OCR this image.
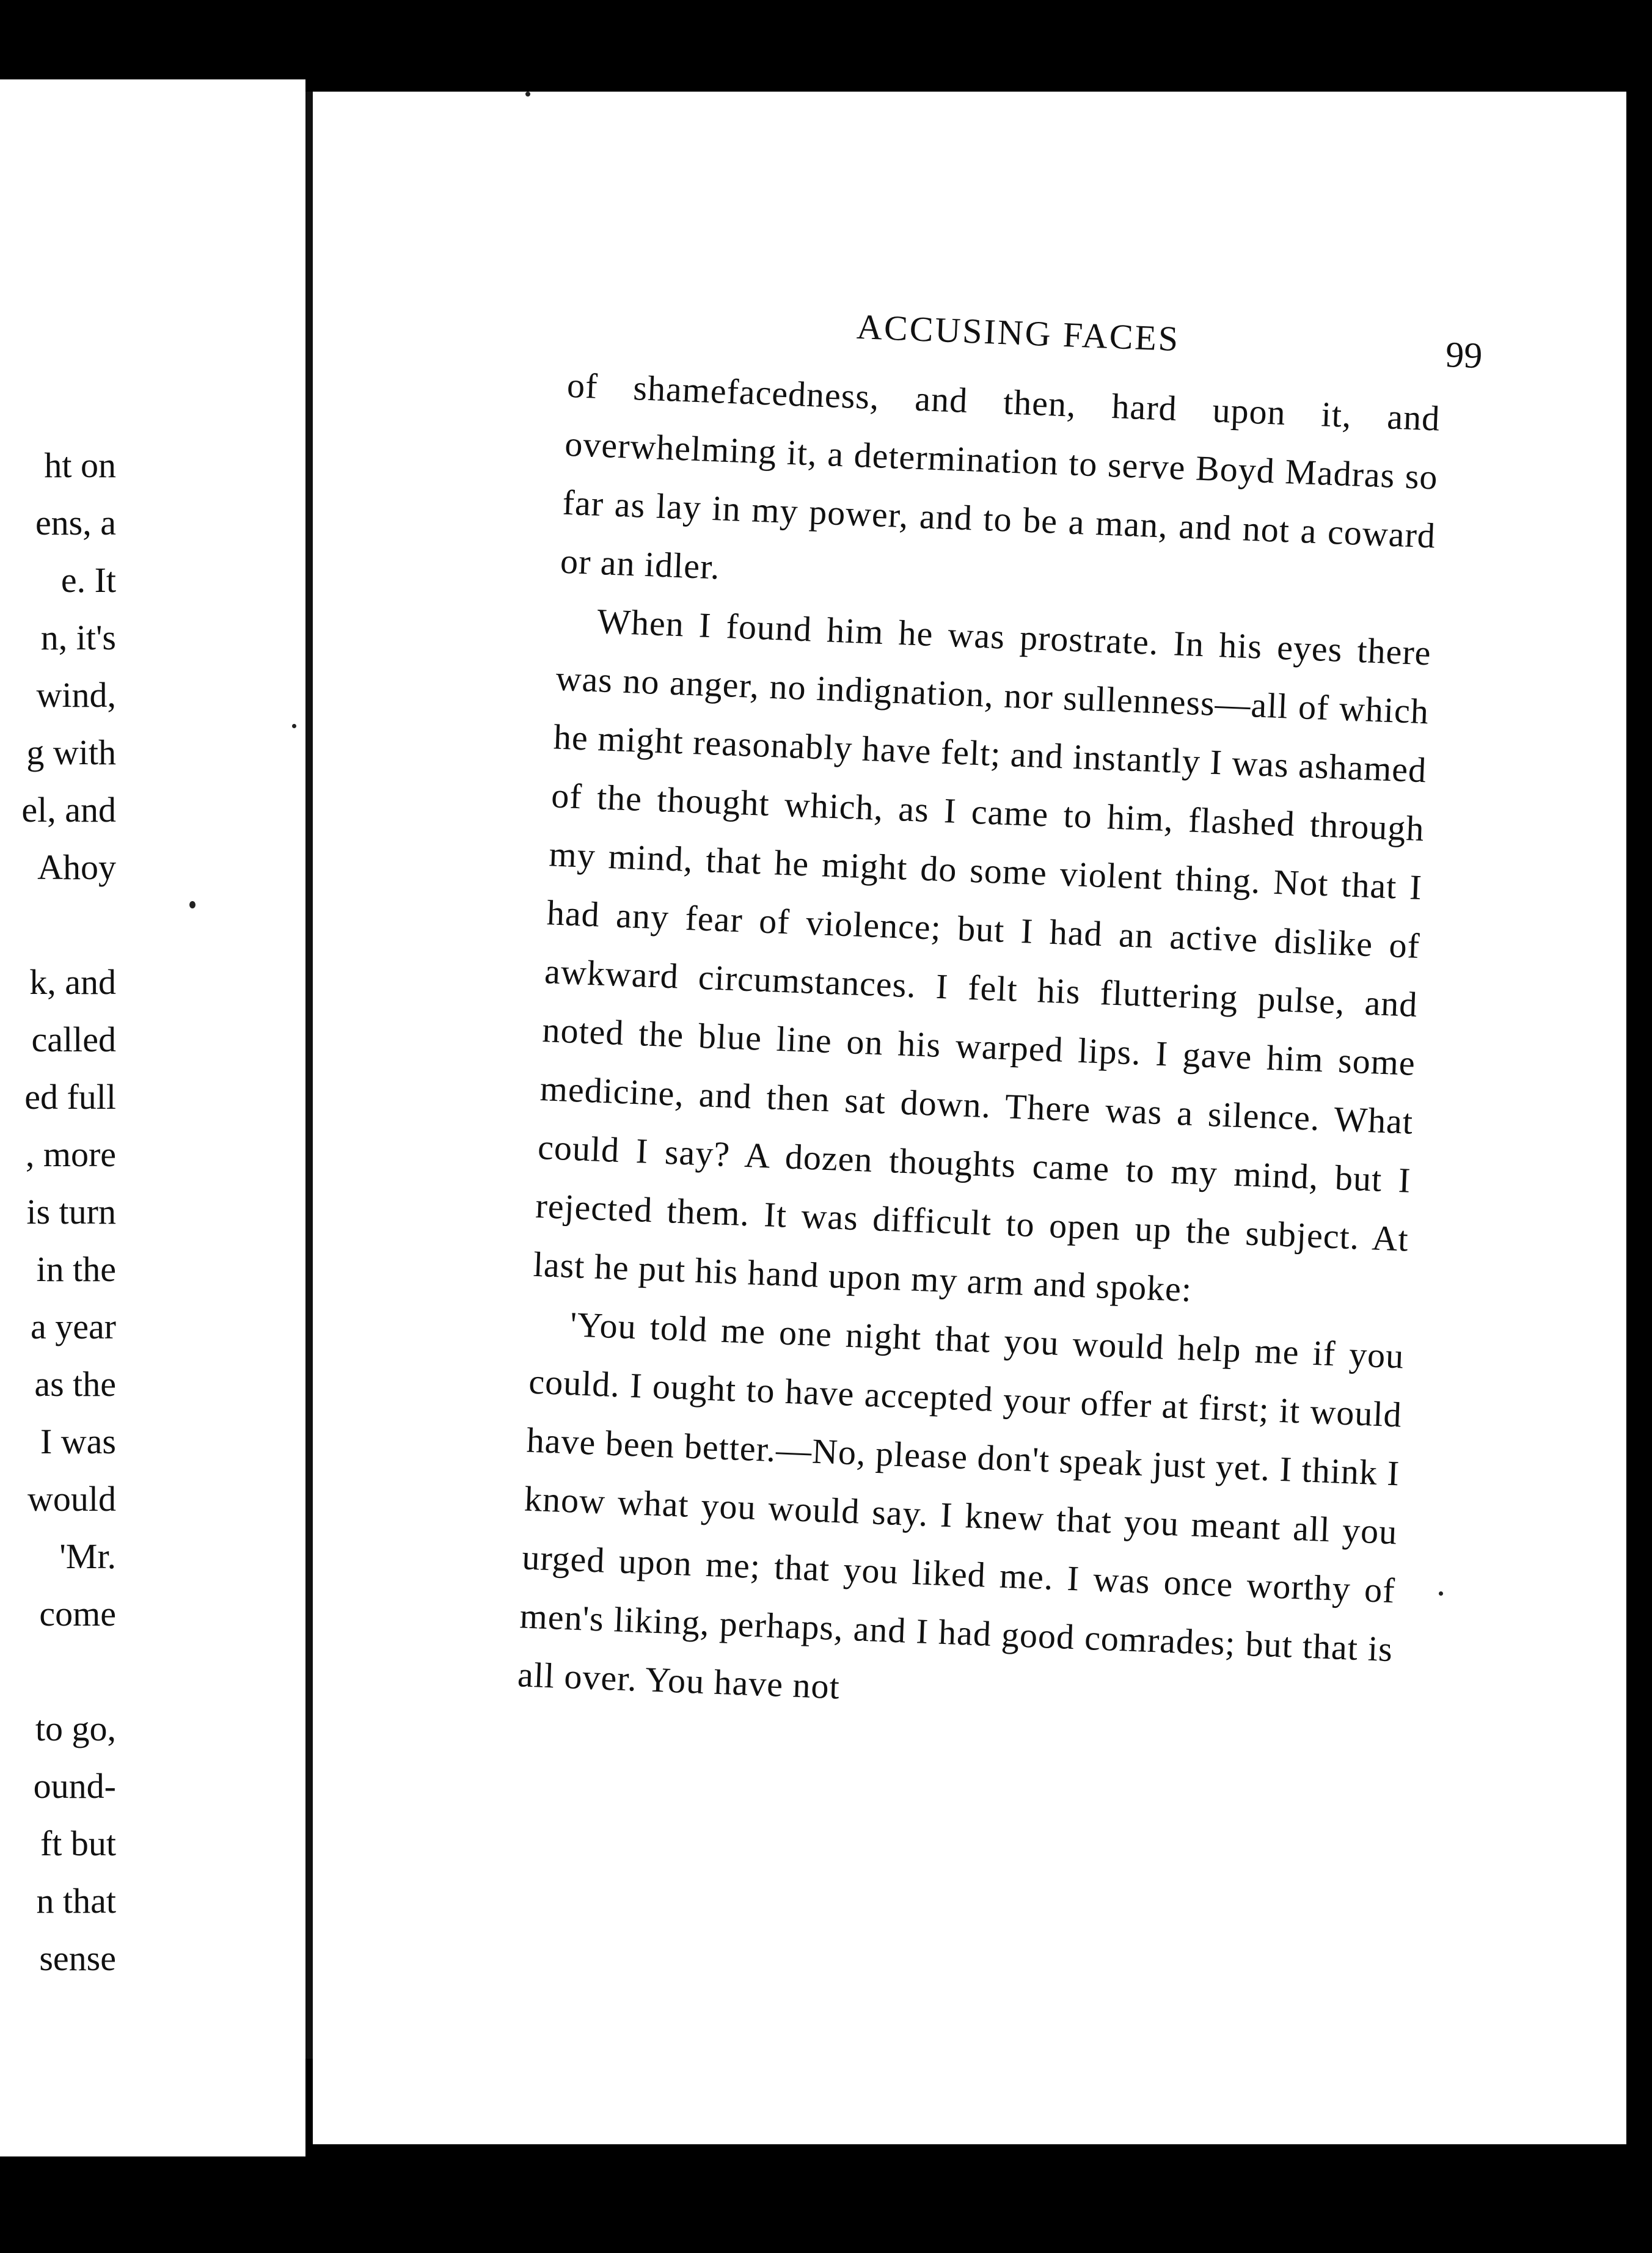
ht on
ens, a
e. It
n, it's
wind,
g with
el, and
Ahoy
k, and
called
ed full
, more
is turn
in the
a year
as the
I was
would
'Mr.
come
to go,
ound-
ft but
n that
sense
ACCUSING FACES	99

of shamefacedness, and then, hard upon it, and overwhelming it, a determination to serve Boyd Madras so far as lay in my power, and to be a man, and not a coward or an idler.

When I found him he was prostrate. In his eyes there was no anger, no indignation, nor sullenness—all of which he might reasonably have felt; and instantly I was ashamed of the thought which, as I came to him, flashed through my mind, that he might do some violent thing. Not that I had any fear of violence; but I had an active dislike of awkward circumstances. I felt his fluttering pulse, and noted the blue line on his warped lips. I gave him some medicine, and then sat down. There was a silence. What could I say? A dozen thoughts came to my mind, but I rejected them. It was difficult to open up the subject. At last he put his hand upon my arm and spoke:

'You told me one night that you would help me if you could. I ought to have accepted your offer at first; it would have been better.—No, please don't speak just yet. I think I know what you would say. I knew that you meant all you urged upon me; that you liked me. I was once worthy of men's liking, perhaps, and I had good comrades; but that is all over. You have not
